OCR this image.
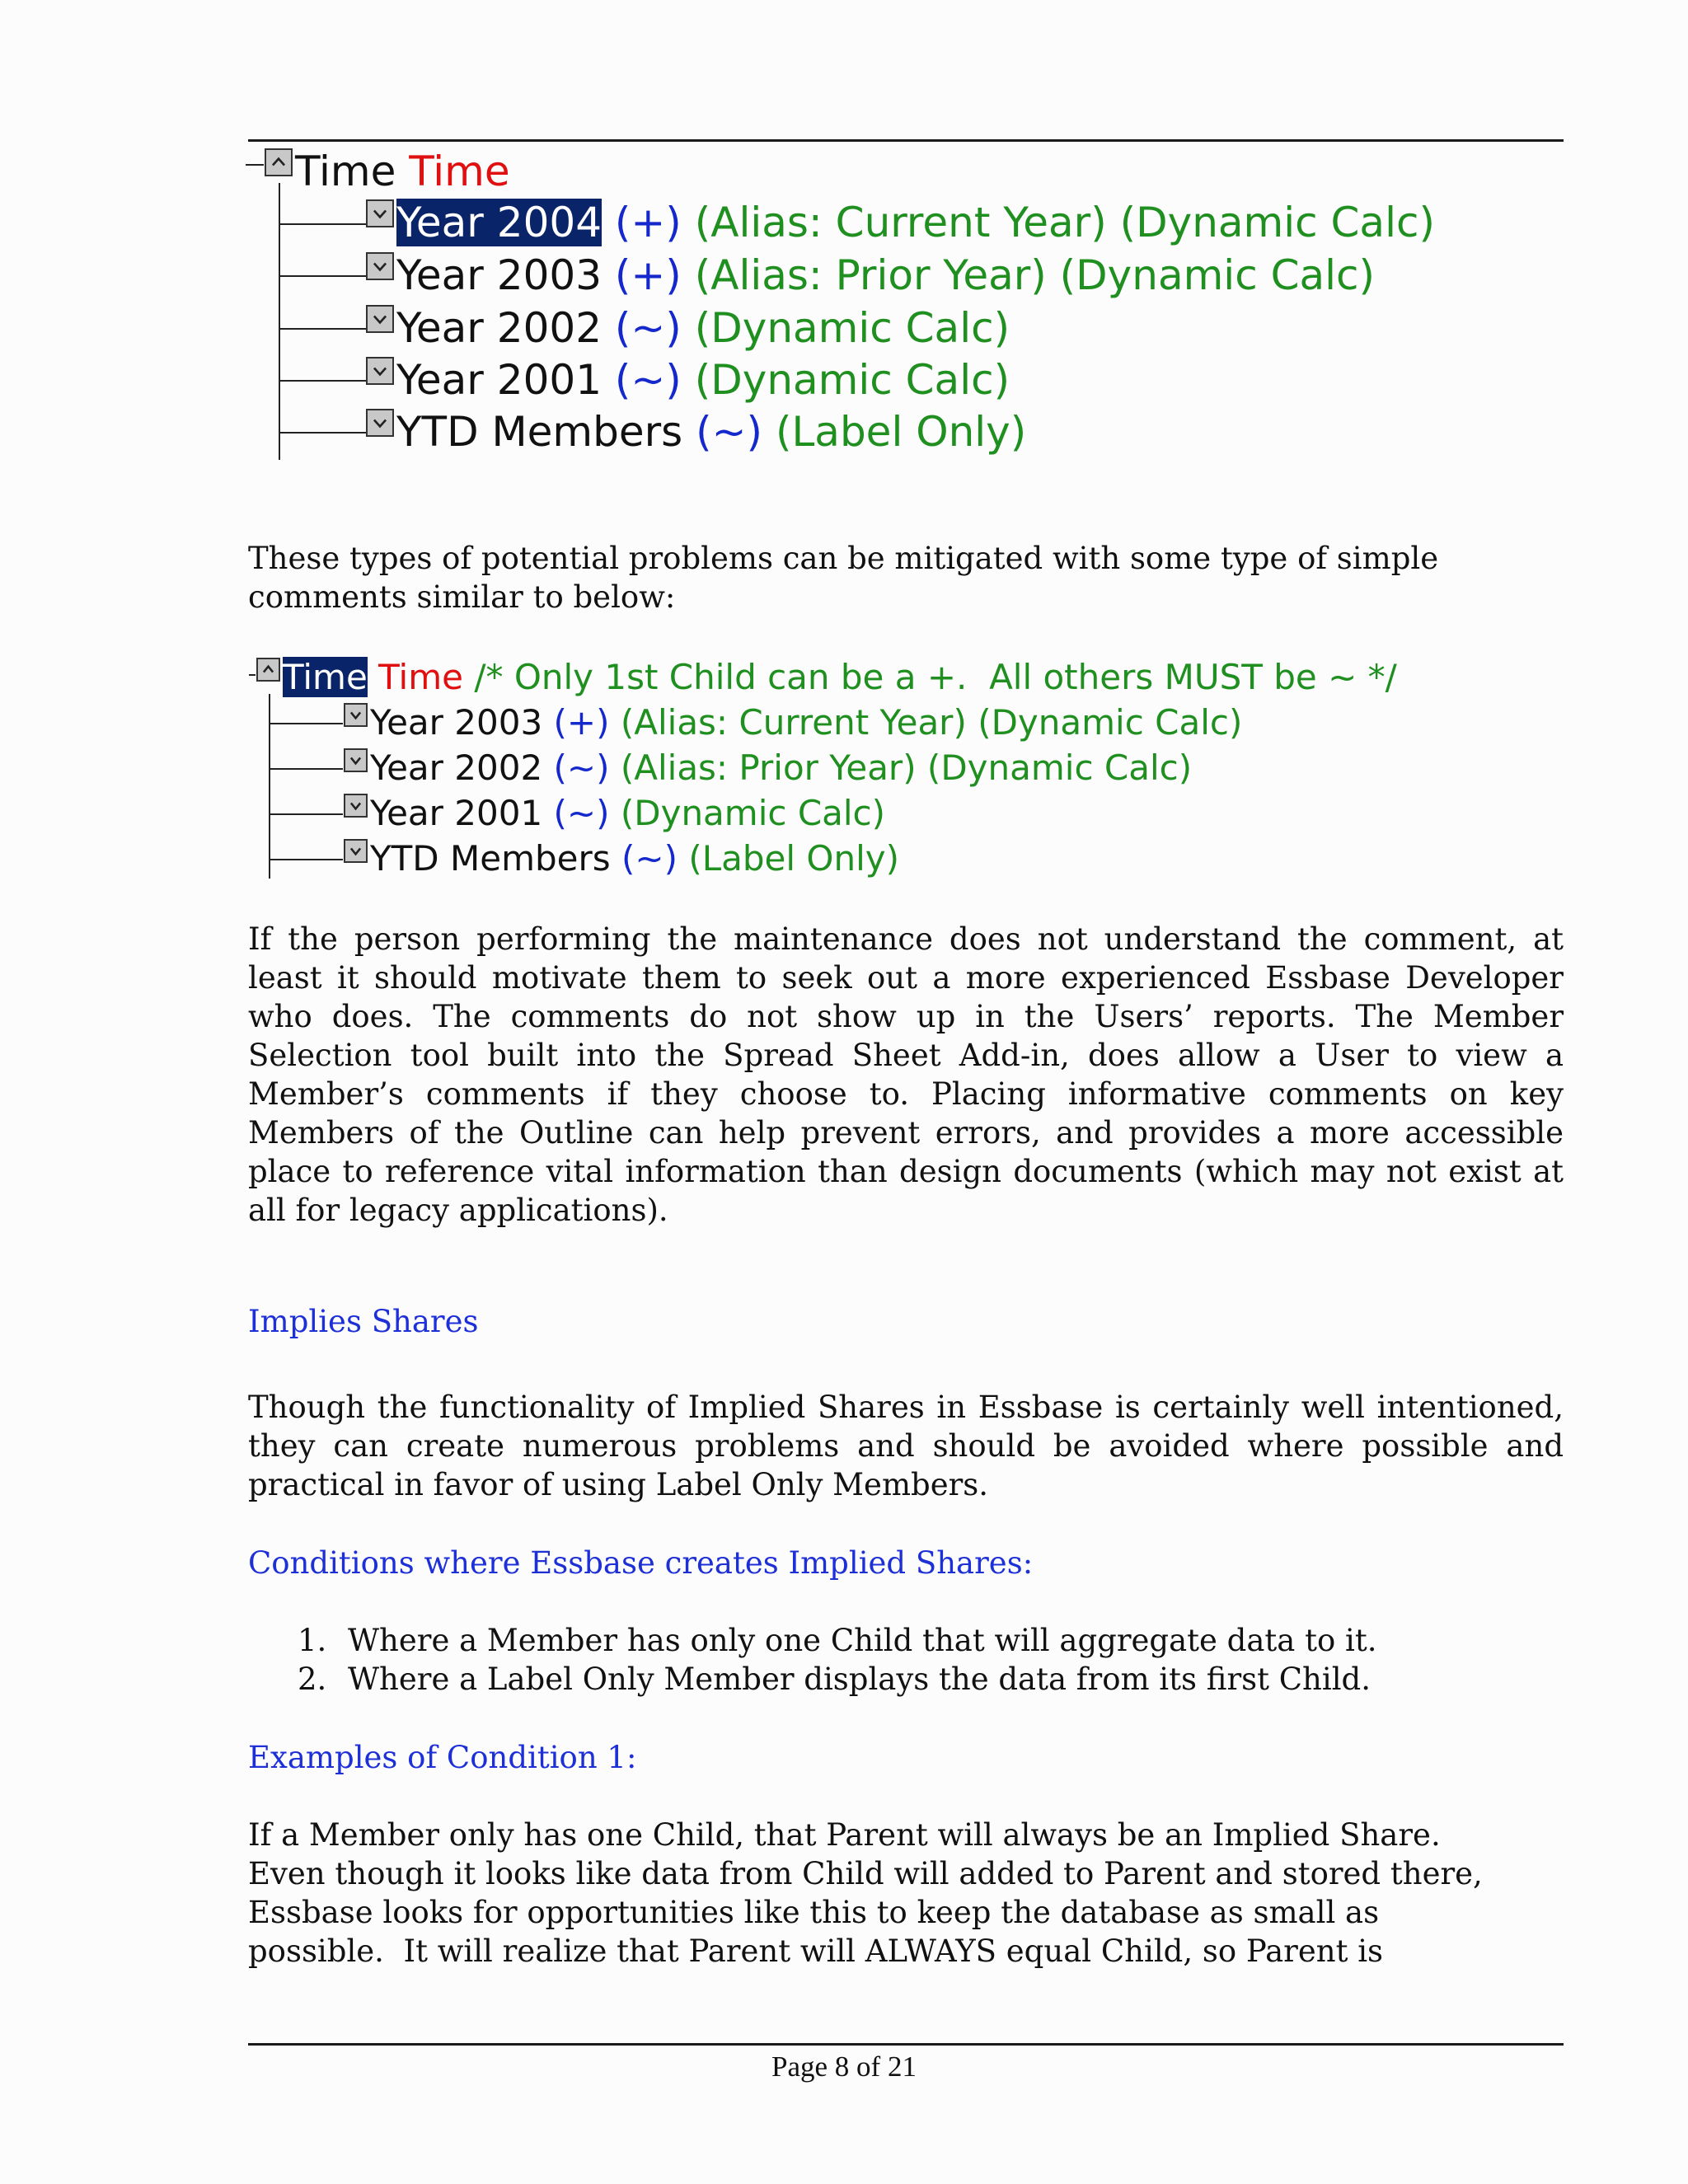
Time
Time
Year 2004
(+)
(Alias: Current Year) (Dynamic Calc)
Year 2003
(+)
(Alias: Prior Year) (Dynamic Calc)
Year 2002
(~)
(Dynamic Calc)
Year 2001
(~)
(Dynamic Calc)
YTD Members
(~)
(Label Only)

These types of potential problems can be mitigated with some type of simple comments similar to below:

Time
Time
/* Only 1st Child can be a +.  All others MUST be ~ */
Year 2003
(+)
(Alias: Current Year) (Dynamic Calc)
Year 2002
(~)
(Alias: Prior Year) (Dynamic Calc)
Year 2001
(~)
(Dynamic Calc)
YTD Members
(~)
(Label Only)

If the person performing the maintenance does not understand the comment, at least it should motivate them to seek out a more experienced Essbase Developer who does. The comments do not show up in the Users’ reports. The Member Selection tool built into the Spread Sheet Add-in, does allow a User to view a Member’s comments if they choose to. Placing informative comments on key Members of the Outline can help prevent errors, and provides a more accessible place to reference vital information than design documents (which may not exist at all for legacy applications).

Implies Shares

Though the functionality of Implied Shares in Essbase is certainly well intentioned, they can create numerous problems and should be avoided where possible and practical in favor of using Label Only Members.

Conditions where Essbase creates Implied Shares:
1. Where a Member has only one Child that will aggregate data to it.
2. Where a Label Only Member displays the data from its first Child.
Examples of Condition 1:
If a Member only has one Child, that Parent will always be an Implied Share.
Even though it looks like data from Child will added to Parent and stored there,
Essbase looks for opportunities like this to keep the database as small as
possible.  It will realize that Parent will ALWAYS equal Child, so Parent is
Page 8 of 21
